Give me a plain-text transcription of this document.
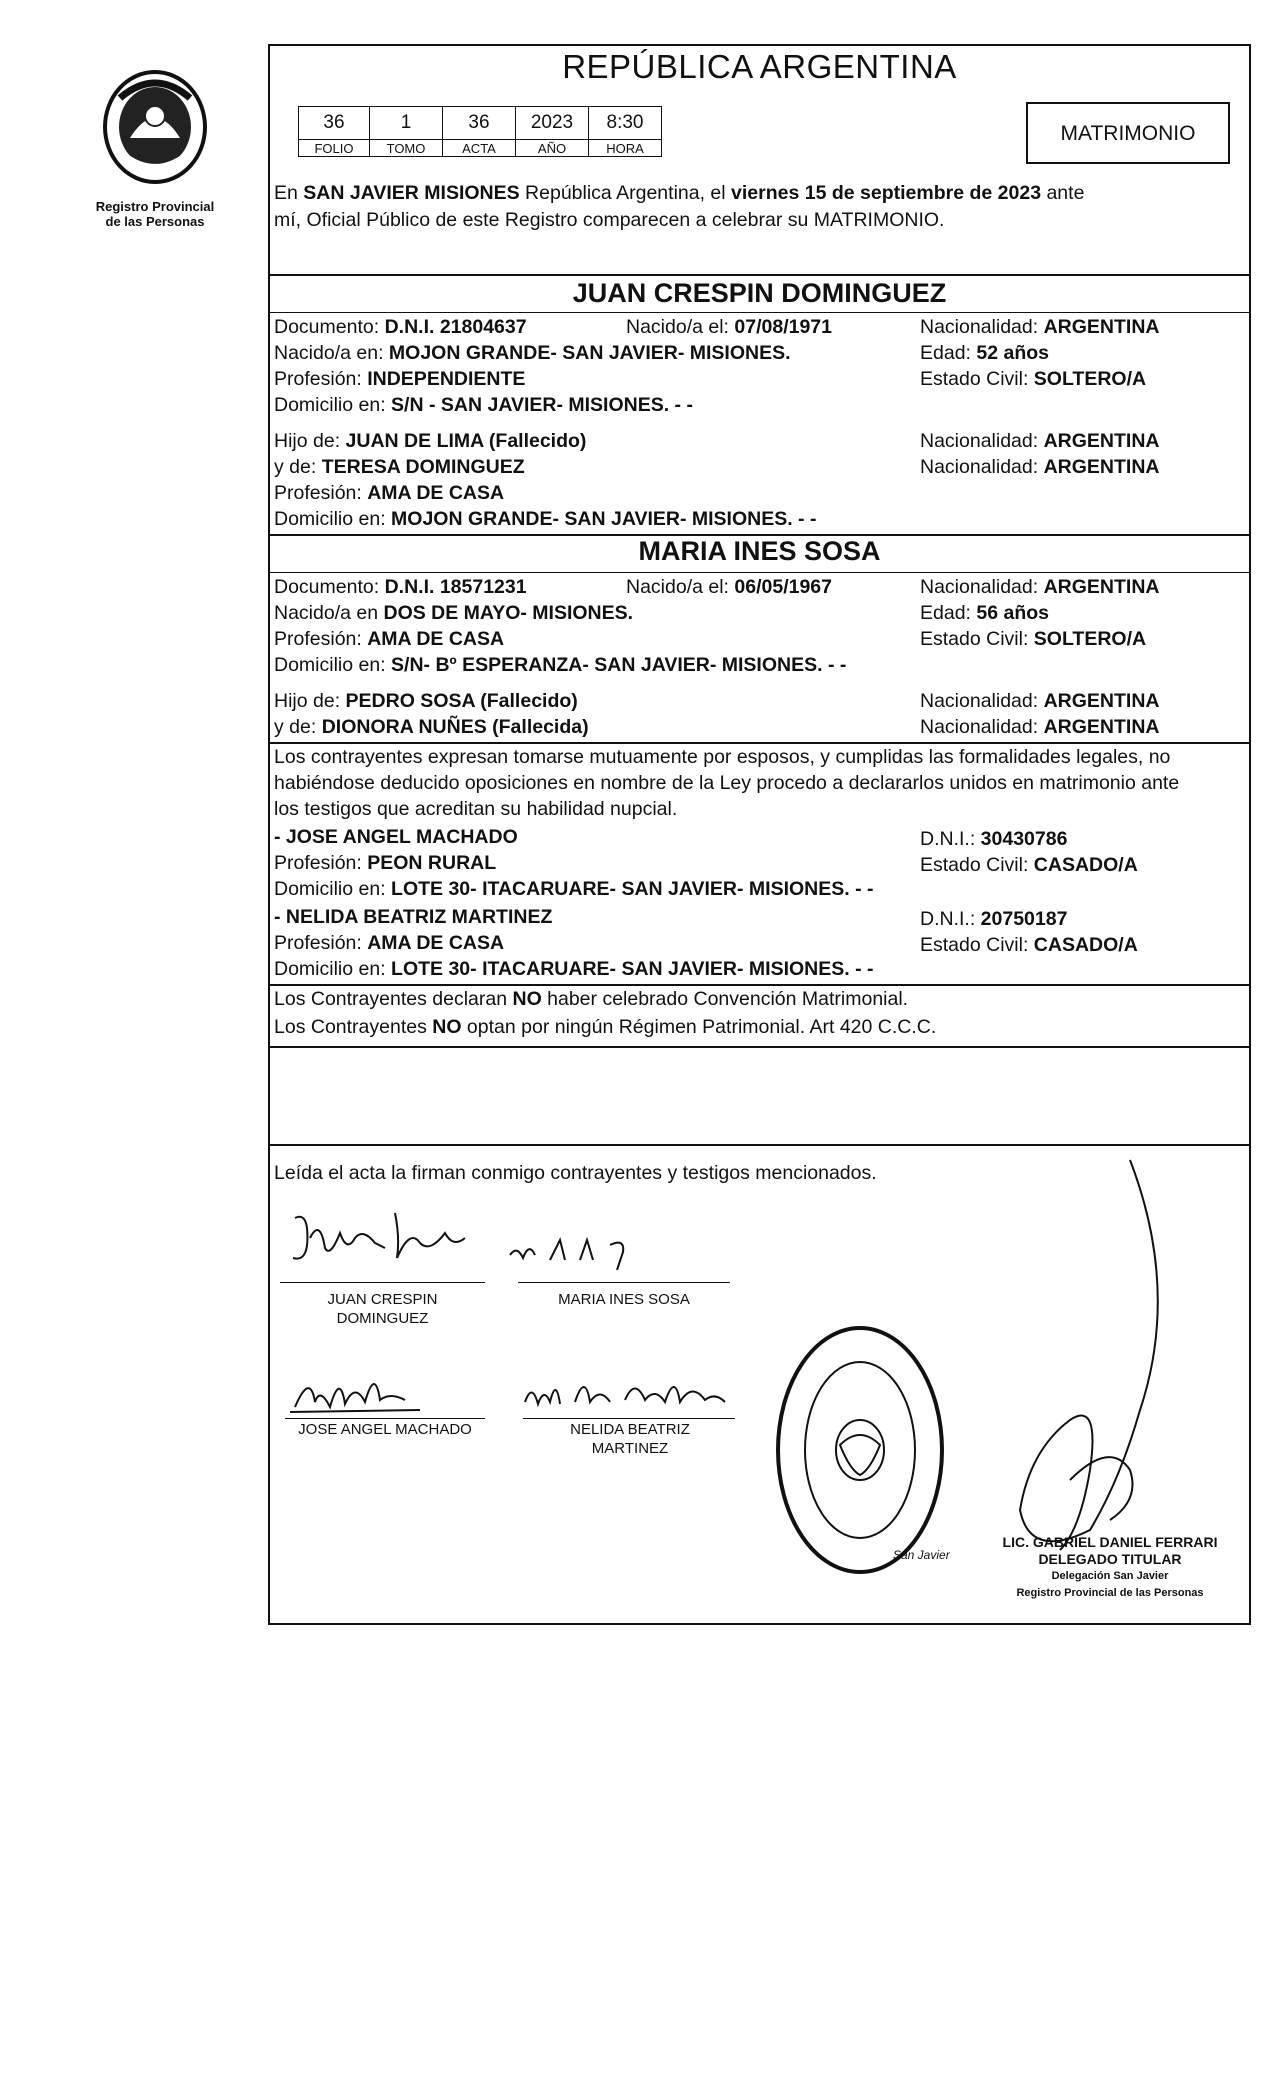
Registro Provincial
de las Personas
REPÚBLICA ARGENTINA
36	1	36	2023	8:30
FOLIO	TOMO	ACTA	AÑO	HORA
MATRIMONIO
En SAN JAVIER MISIONES República Argentina, el viernes 15 de septiembre de 2023 ante
mí, Oficial Público de este Registro comparecen a celebrar su MATRIMONIO.
JUAN CRESPIN DOMINGUEZ
Documento: D.N.I. 21804637	Nacido/a el: 07/08/1971	Nacionalidad: ARGENTINA
Nacido/a en: MOJON GRANDE- SAN JAVIER- MISIONES.	Edad: 52 años
Profesión: INDEPENDIENTE	Estado Civil: SOLTERO/A
Domicilio en: S/N - SAN JAVIER- MISIONES. - -
Hijo de: JUAN DE LIMA (Fallecido)	Nacionalidad: ARGENTINA
y de: TERESA DOMINGUEZ	Nacionalidad: ARGENTINA
Profesión: AMA DE CASA
Domicilio en: MOJON GRANDE- SAN JAVIER- MISIONES. - -
MARIA INES SOSA
Documento: D.N.I. 18571231	Nacido/a el: 06/05/1967	Nacionalidad: ARGENTINA
Nacido/a en DOS DE MAYO- MISIONES.	Edad: 56 años
Profesión: AMA DE CASA	Estado Civil: SOLTERO/A
Domicilio en: S/N- Bº ESPERANZA- SAN JAVIER- MISIONES. - -
Hijo de: PEDRO SOSA (Fallecido)	Nacionalidad: ARGENTINA
y de: DIONORA NUÑES (Fallecida)	Nacionalidad: ARGENTINA
Los contrayentes expresan tomarse mutuamente por esposos, y cumplidas las formalidades legales, no
habiéndose deducido oposiciones en nombre de la Ley procedo a declararlos unidos en matrimonio ante
los testigos que acreditan su habilidad nupcial.
- JOSE ANGEL MACHADO	D.N.I.: 30430786
Profesión: PEON RURAL	Estado Civil: CASADO/A
Domicilio en: LOTE 30- ITACARUARE- SAN JAVIER- MISIONES. - -
- NELIDA BEATRIZ MARTINEZ	D.N.I.: 20750187
Profesión: AMA DE CASA	Estado Civil: CASADO/A
Domicilio en: LOTE 30- ITACARUARE- SAN JAVIER- MISIONES. - -
Los Contrayentes declaran NO haber celebrado Convención Matrimonial.
Los Contrayentes NO optan por ningún Régimen Patrimonial. Art 420 C.C.C.
Leída el acta la firman conmigo contrayentes y testigos mencionados.
JUAN CRESPIN
DOMINGUEZ
MARIA INES SOSA
JOSE ANGEL MACHADO	NELIDA BEATRIZ
MARTINEZ
San Javier
LIC. GABRIEL DANIEL FERRARI
DELEGADO TITULAR
Delegación San Javier
Registro Provincial de las Personas
